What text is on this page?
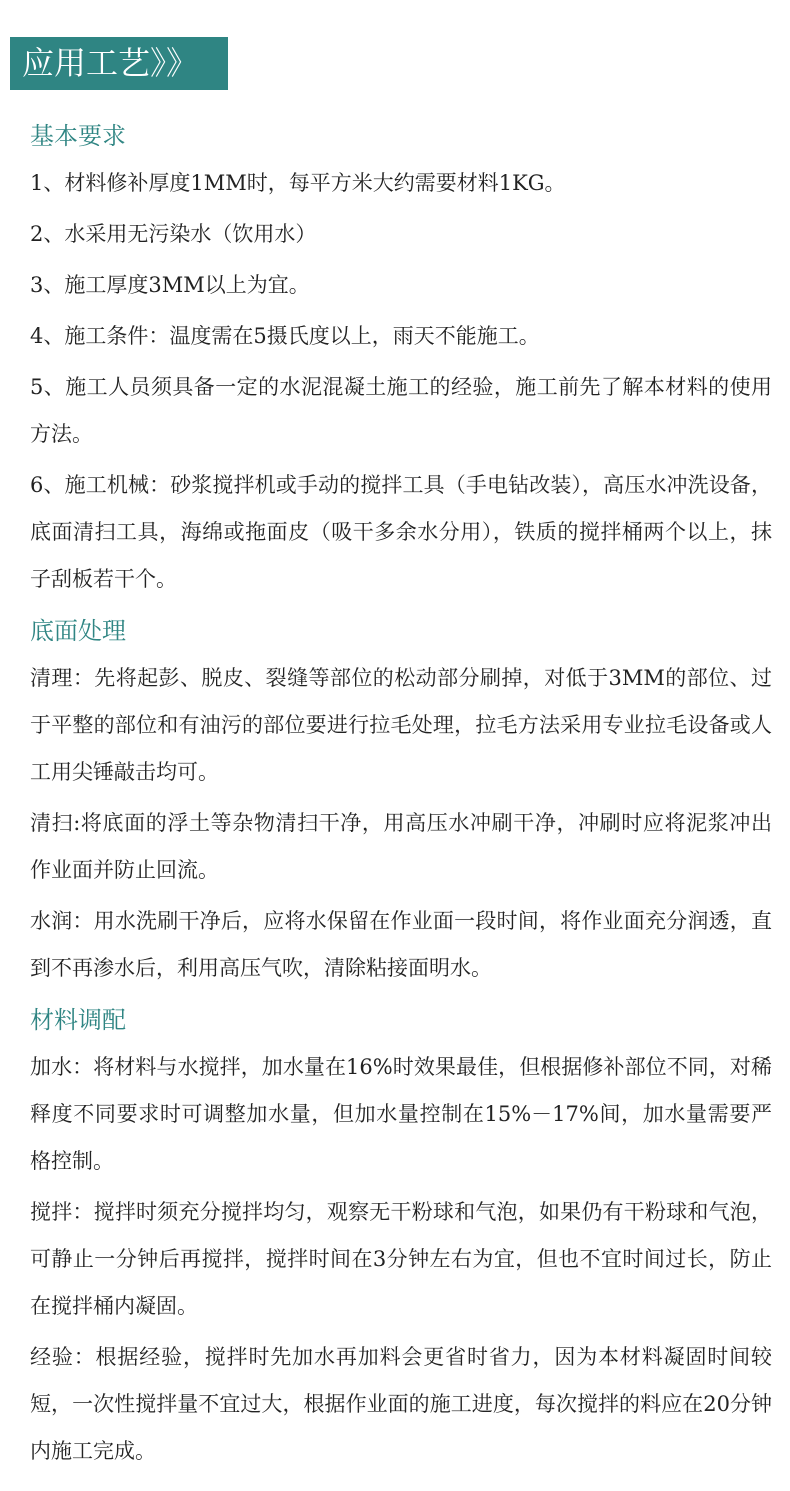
应用工艺》》
基本要求

1、材料修补厚度1MM时，每平方米大约需要材料1KG。

2、水采用无污染水（饮用水）

3、施工厚度3MM以上为宜。

4、施工条件：温度需在5摄氏度以上，雨天不能施工。

5、施工人员须具备一定的水泥混凝土施工的经验，施工前先了解本材料的使用方法。

6、施工机械：砂浆搅拌机或手动的搅拌工具（手电钻改装），高压水冲洗设备，底面清扫工具，海绵或拖面皮（吸干多余水分用），铁质的搅拌桶两个以上，抹子刮板若干个。

底面处理

清理：先将起彭、脱皮、裂缝等部位的松动部分刷掉，对低于3MM的部位、过于平整的部位和有油污的部位要进行拉毛处理，拉毛方法采用专业拉毛设备或人工用尖锤敲击均可。

清扫:将底面的浮土等杂物清扫干净，用高压水冲刷干净，冲刷时应将泥浆冲出作业面并防止回流。

水润：用水洗刷干净后，应将水保留在作业面一段时间，将作业面充分润透，直到不再渗水后，利用高压气吹，清除粘接面明水。

材料调配

加水：将材料与水搅拌，加水量在16%时效果最佳，但根据修补部位不同，对稀释度不同要求时可调整加水量，但加水量控制在15%－17%间，加水量需要严格控制。

搅拌：搅拌时须充分搅拌均匀，观察无干粉球和气泡，如果仍有干粉球和气泡，可静止一分钟后再搅拌，搅拌时间在3分钟左右为宜，但也不宜时间过长，防止在搅拌桶内凝固。

经验：根据经验，搅拌时先加水再加料会更省时省力，因为本材料凝固时间较短，一次性搅拌量不宜过大，根据作业面的施工进度，每次搅拌的料应在20分钟内施工完成。
